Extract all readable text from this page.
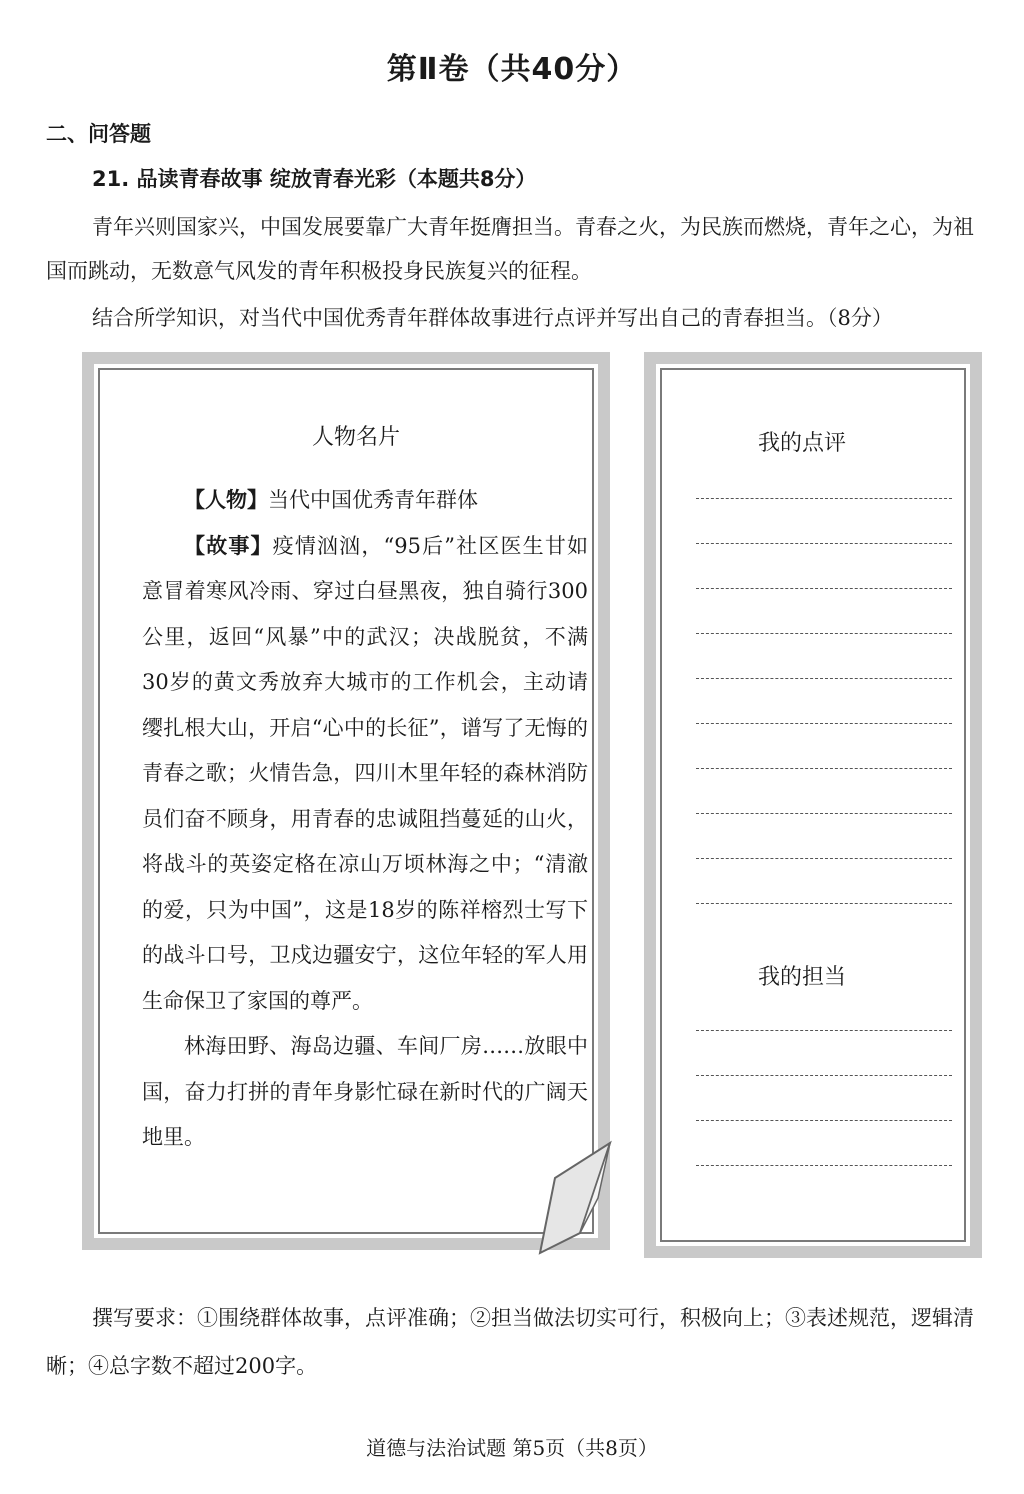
第Ⅱ卷（共40分）
二、问答题
21. 品读青春故事 绽放青春光彩（本题共8分）
青年兴则国家兴，中国发展要靠广大青年挺膺担当。青春之火，为民族而燃烧，青年之心，为祖国而跳动，无数意气风发的青年积极投身民族复兴的征程。
结合所学知识，对当代中国优秀青年群体故事进行点评并写出自己的青春担当。（8分）
人物名片

【人物】当代中国优秀青年群体

【故事】疫情汹汹，“95后”社区医生甘如意冒着寒风冷雨、穿过白昼黑夜，独自骑行300公里，返回“风暴”中的武汉；决战脱贫，不满30岁的黄文秀放弃大城市的工作机会，主动请缨扎根大山，开启“心中的长征”，谱写了无悔的青春之歌；火情告急，四川木里年轻的森林消防员们奋不顾身，用青春的忠诚阻挡蔓延的山火，将战斗的英姿定格在凉山万顷林海之中；“清澈的爱，只为中国”，这是18岁的陈祥榕烈士写下的战斗口号，卫戍边疆安宁，这位年轻的军人用生命保卫了家国的尊严。

林海田野、海岛边疆、车间厂房……放眼中国，奋力打拼的青年身影忙碌在新时代的广阔天地里。

我的点评
我的担当
撰写要求：①围绕群体故事，点评准确；②担当做法切实可行，积极向上；③表述规范，逻辑清晰；④总字数不超过200字。
道德与法治试题 第5页（共8页）
